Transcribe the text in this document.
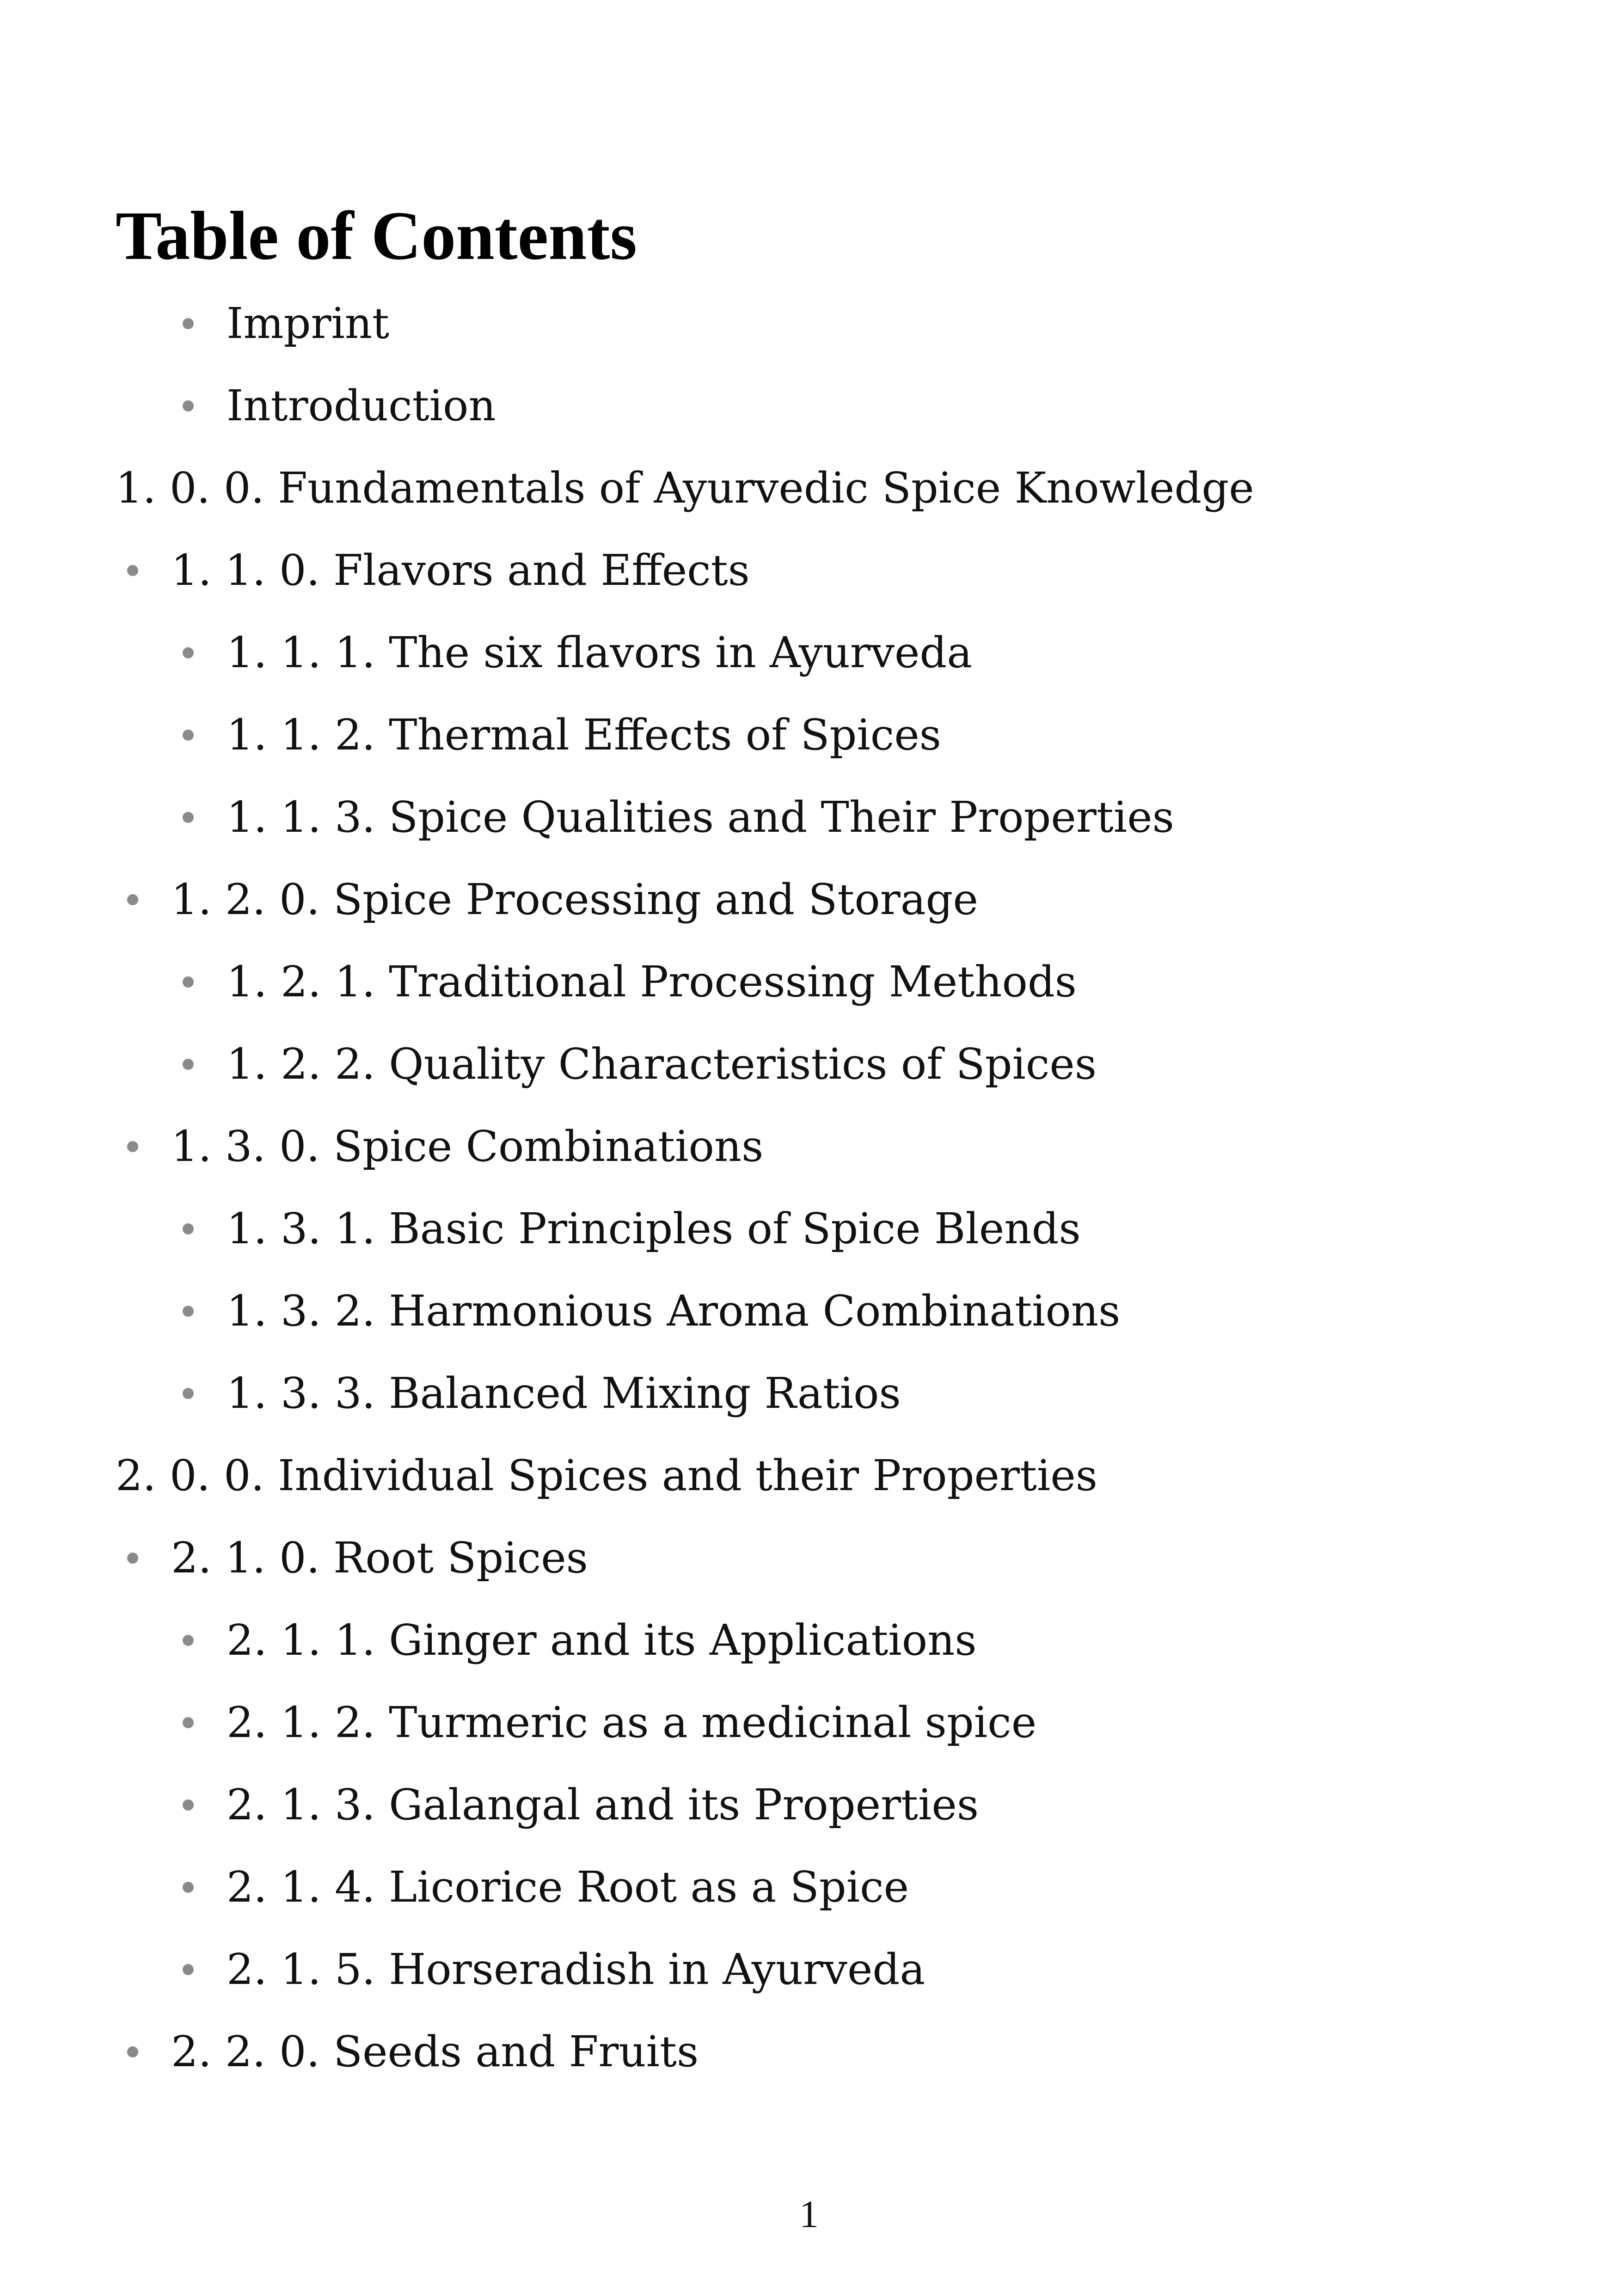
Table of Contents
Imprint
Introduction
1. 0. 0. Fundamentals of Ayurvedic Spice Knowledge
1. 1. 0. Flavors and Effects
1. 1. 1. The six flavors in Ayurveda
1. 1. 2. Thermal Effects of Spices
1. 1. 3. Spice Qualities and Their Properties
1. 2. 0. Spice Processing and Storage
1. 2. 1. Traditional Processing Methods
1. 2. 2. Quality Characteristics of Spices
1. 3. 0. Spice Combinations
1. 3. 1. Basic Principles of Spice Blends
1. 3. 2. Harmonious Aroma Combinations
1. 3. 3. Balanced Mixing Ratios
2. 0. 0. Individual Spices and their Properties
2. 1. 0. Root Spices
2. 1. 1. Ginger and its Applications
2. 1. 2. Turmeric as a medicinal spice
2. 1. 3. Galangal and its Properties
2. 1. 4. Licorice Root as a Spice
2. 1. 5. Horseradish in Ayurveda
2. 2. 0. Seeds and Fruits
1
